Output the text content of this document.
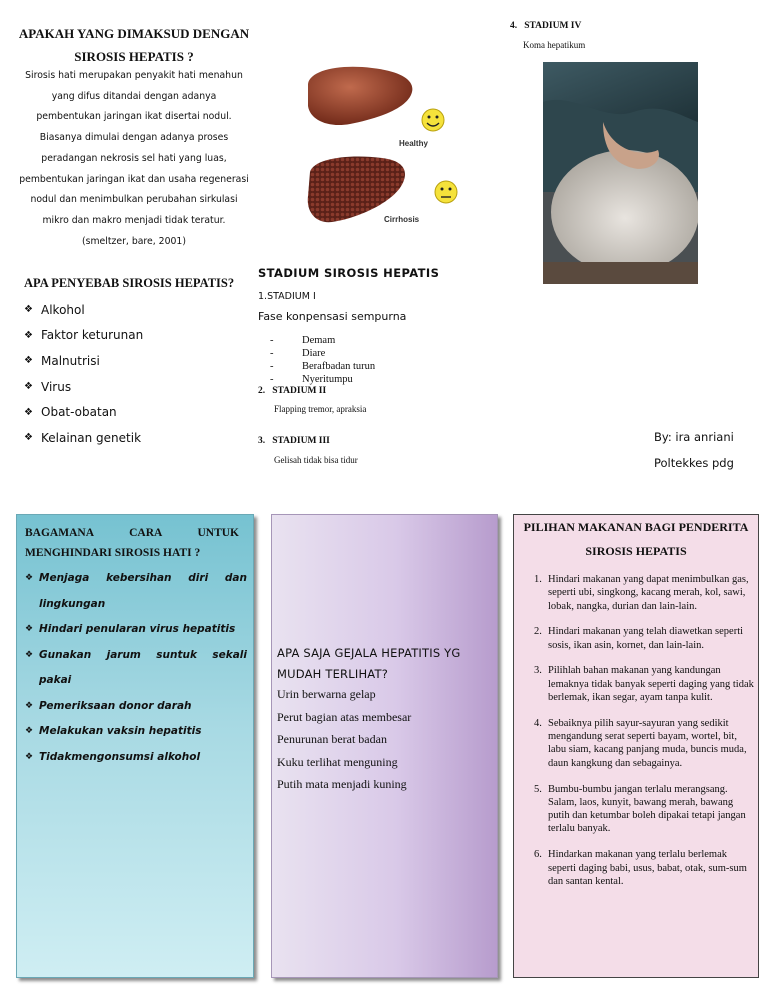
APAKAH YANG DIMAKSUD DENGAN SIROSIS HEPATIS ?
Sirosis hati merupakan penyakit hati menahun yang difus ditandai dengan adanya pembentukan jaringan ikat disertai nodul. Biasanya dimulai dengan adanya proses peradangan nekrosis sel hati yang luas, pembentukan jaringan ikat dan usaha regenerasi nodul dan menimbulkan perubahan sirkulasi mikro dan makro menjadi tidak teratur. (smeltzer, bare, 2001)
APA PENYEBAB SIROSIS HEPATIS?
❖ Alkohol
❖ Faktor keturunan
❖ Malnutrisi
❖ Virus
❖ Obat-obatan
❖ Kelainan genetik
Healthy
Cirrhosis
STADIUM SIROSIS HEPATIS
1.STADIUM I
Fase konpensasi sempurna
-	Demam
-	Diare
-	Berafbadan turun
-	Nyeritumpu
2.   STADIUM II
Flapping tremor, apraksia
3.   STADIUM III
Gelisah tidak bisa tidur
4.   STADIUM IV
Koma hepatikum
By: ira anriani
Poltekkes pdg
BAGAMANA	CARA	UNTUK
MENGHINDARI SIROSIS HATI ?
❖ Menjaga kebersihan diri dan lingkungan
❖ Hindari penularan virus hepatitis
❖ Gunakan jarum suntuk sekali pakai
❖ Pemeriksaan donor darah
❖ Melakukan vaksin hepatitis
❖ Tidakmengonsumsi alkohol
APA SAJA GEJALA HEPATITIS YG MUDAH TERLIHAT?
Urin berwarna gelap
Perut bagian atas membesar
Penurunan berat badan
Kuku terlihat menguning
Putih mata menjadi kuning
PILIHAN MAKANAN BAGI PENDERITA SIROSIS HEPATIS
1. Hindari makanan yang dapat menimbulkan gas, seperti ubi, singkong, kacang merah, kol, sawi, lobak, nangka, durian dan lain-lain.
2. Hindari makanan yang telah diawetkan seperti sosis, ikan asin, kornet, dan lain-lain.
3. Pilihlah bahan makanan yang kandungan lemaknya tidak banyak seperti daging yang tidak berlemak, ikan segar, ayam tanpa kulit.
4. Sebaiknya pilih sayur-sayuran yang sedikit mengandung serat seperti bayam, wortel, bit, labu siam, kacang panjang muda, buncis muda, daun kangkung dan sebagainya.
5. Bumbu-bumbu jangan terlalu merangsang. Salam, laos, kunyit, bawang merah, bawang putih dan ketumbar boleh dipakai tetapi jangan terlalu banyak.
6. Hindarkan makanan yang terlalu berlemak seperti daging babi, usus, babat, otak, sum-sum dan santan kental.
